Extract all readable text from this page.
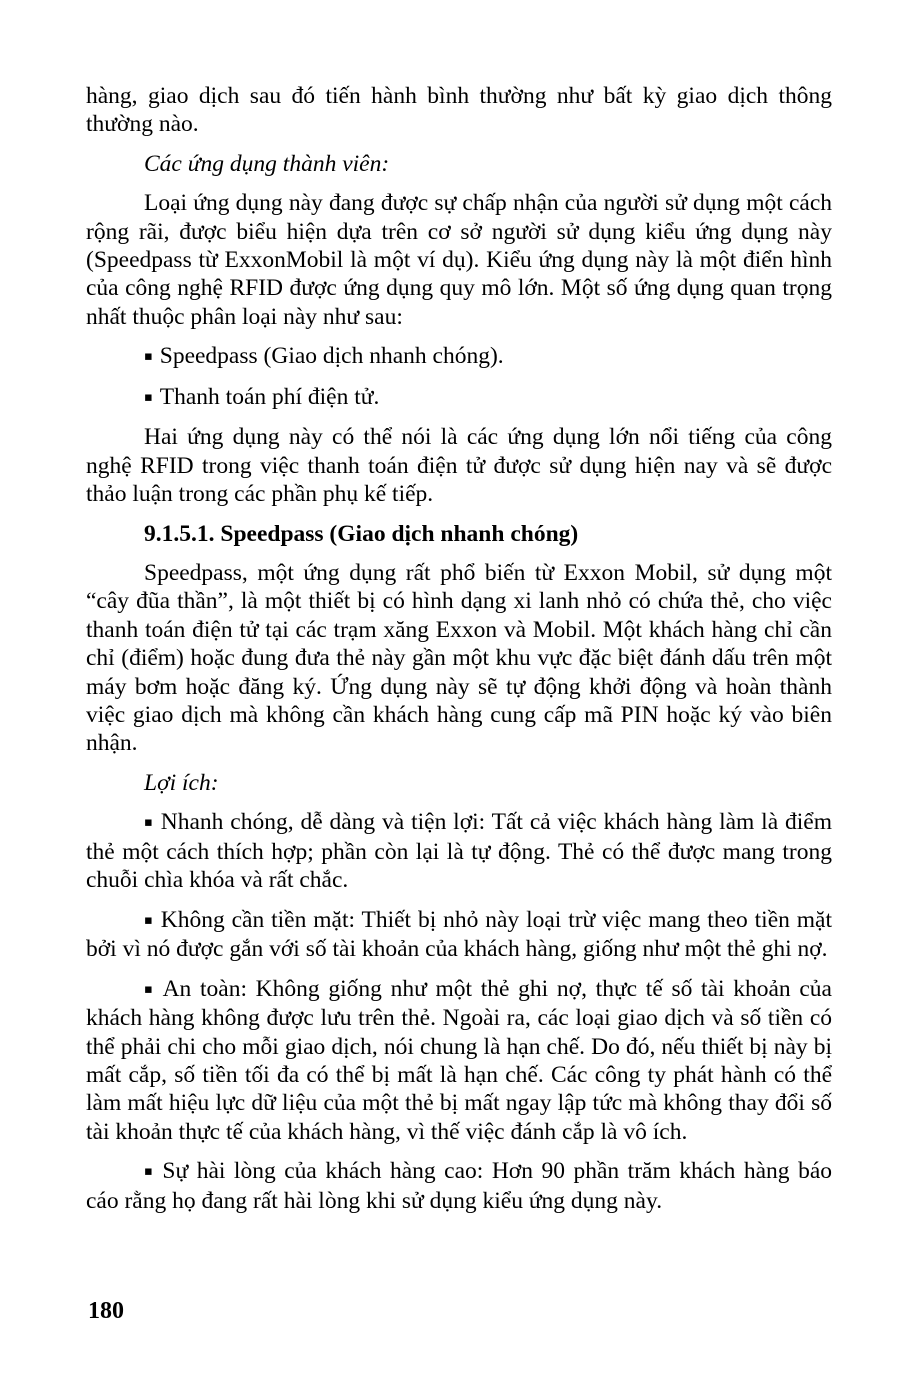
hàng, giao dịch sau đó tiến hành bình thường như bất kỳ giao dịch thông thường nào.

Các ứng dụng thành viên:

Loại ứng dụng này đang được sự chấp nhận của người sử dụng một cách rộng rãi, được biểu hiện dựa trên cơ sở người sử dụng kiểu ứng dụng này (Speedpass từ ExxonMobil là một ví dụ). Kiểu ứng dụng này là một điển hình của công nghệ RFID được ứng dụng quy mô lớn. Một số ứng dụng quan trọng nhất thuộc phân loại này như sau:

▪ Speedpass (Giao dịch nhanh chóng).

▪ Thanh toán phí điện tử.

Hai ứng dụng này có thể nói là các ứng dụng lớn nổi tiếng của công nghệ RFID trong việc thanh toán điện tử được sử dụng hiện nay và sẽ được thảo luận trong các phần phụ kế tiếp.

9.1.5.1. Speedpass (Giao dịch nhanh chóng)

Speedpass, một ứng dụng rất phổ biến từ Exxon Mobil, sử dụng một “cây đũa thần”, là một thiết bị có hình dạng xi lanh nhỏ có chứa thẻ, cho việc thanh toán điện tử tại các trạm xăng Exxon và Mobil. Một khách hàng chỉ cần chỉ (điểm) hoặc đung đưa thẻ này gần một khu vực đặc biệt đánh dấu trên một máy bơm hoặc đăng ký. Ứng dụng này sẽ tự động khởi động và hoàn thành việc giao dịch mà không cần khách hàng cung cấp mã PIN hoặc ký vào biên nhận.

Lợi ích:

▪ Nhanh chóng, dễ dàng và tiện lợi: Tất cả việc khách hàng làm là điểm thẻ một cách thích hợp; phần còn lại là tự động. Thẻ có thể được mang trong chuỗi chìa khóa và rất chắc.

▪ Không cần tiền mặt: Thiết bị nhỏ này loại trừ việc mang theo tiền mặt bởi vì nó được gắn với số tài khoản của khách hàng, giống như một thẻ ghi nợ.

▪ An toàn: Không giống như một thẻ ghi nợ, thực tế số tài khoản của khách hàng không được lưu trên thẻ. Ngoài ra, các loại giao dịch và số tiền có thể phải chi cho mỗi giao dịch, nói chung là hạn chế. Do đó, nếu thiết bị này bị mất cắp, số tiền tối đa có thể bị mất là hạn chế. Các công ty phát hành có thể làm mất hiệu lực dữ liệu của một thẻ bị mất ngay lập tức mà không thay đổi số tài khoản thực tế của khách hàng, vì thế việc đánh cắp là vô ích.

▪ Sự hài lòng của khách hàng cao: Hơn 90 phần trăm khách hàng báo cáo rằng họ đang rất hài lòng khi sử dụng kiểu ứng dụng này.

180
